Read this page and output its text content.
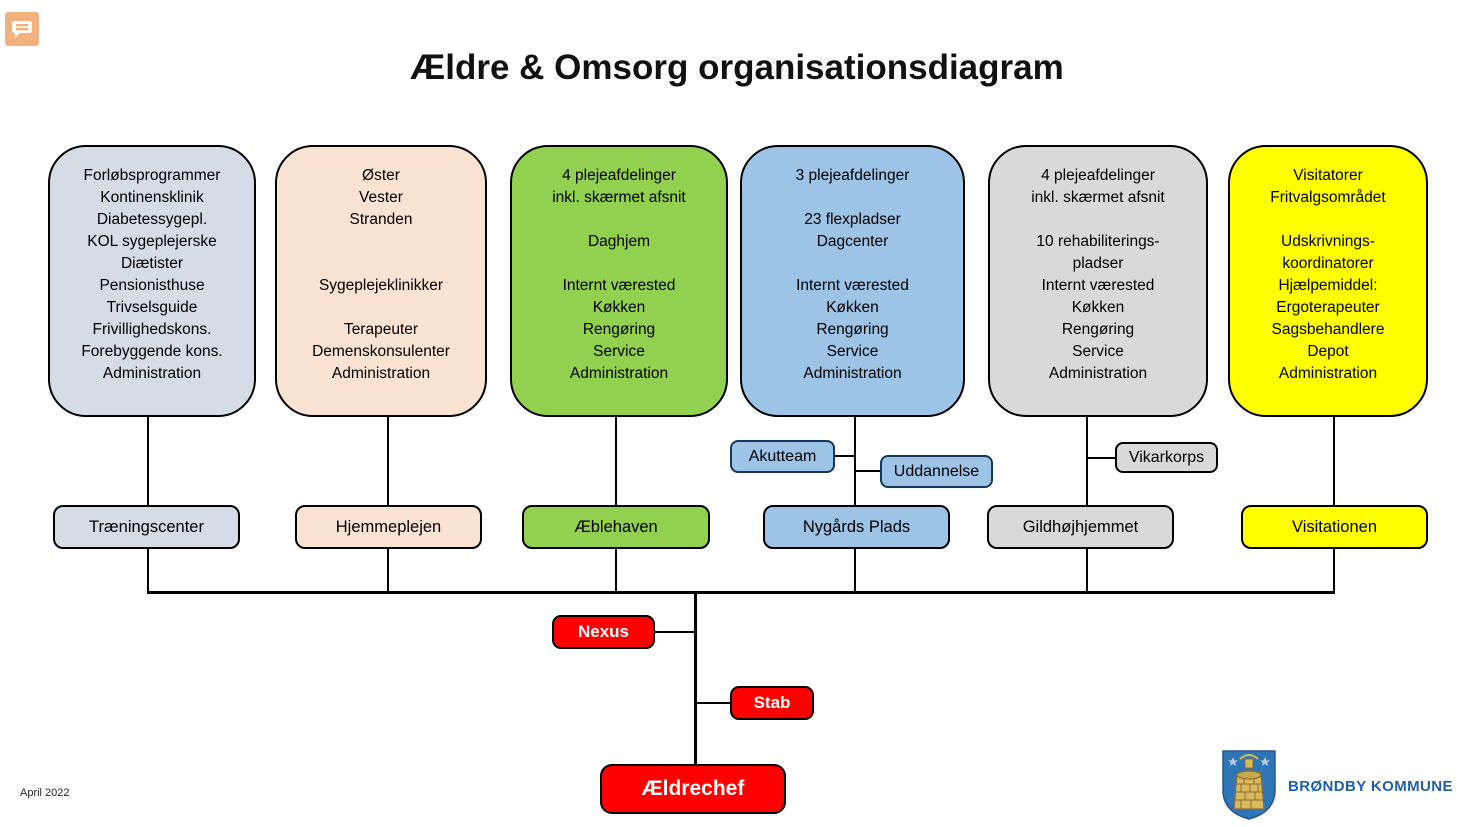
Ældre & Omsorg organisationsdiagram
Forløbsprogrammer
Kontinensklinik
Diabetessygepl.
KOL sygeplejerske
Diætister
Pensionisthuse
Trivselsguide
Frivillighedskons.
Forebyggende kons.
Administration
Øster
Vester
Stranden

Sygeplejeklinikker

Terapeuter
Demenskonsulenter
Administration
4 plejeafdelinger
inkl. skærmet afsnit

Daghjem

Internt værested
Køkken
Rengøring
Service
Administration
3 plejeafdelinger

23 flexpladser
Dagcenter

Internt værested
Køkken
Rengøring
Service
Administration
4 plejeafdelinger
inkl. skærmet afsnit

10 rehabiliterings-
pladser
Internt værested
Køkken
Rengøring
Service
Administration
Visitatorer
Fritvalgsområdet

Udskrivnings-
koordinatorer
Hjælpemiddel:
Ergoterapeuter
Sagsbehandlere
Depot
Administration
Akutteam
Uddannelse
Vikarkorps
Træningscenter	Hjemmeplejen	Æblehaven	Nygårds Plads	Gildhøjhjemmet	Visitationen
Nexus
Stab
Ældrechef
April 2022	BRØNDBY KOMMUNE
